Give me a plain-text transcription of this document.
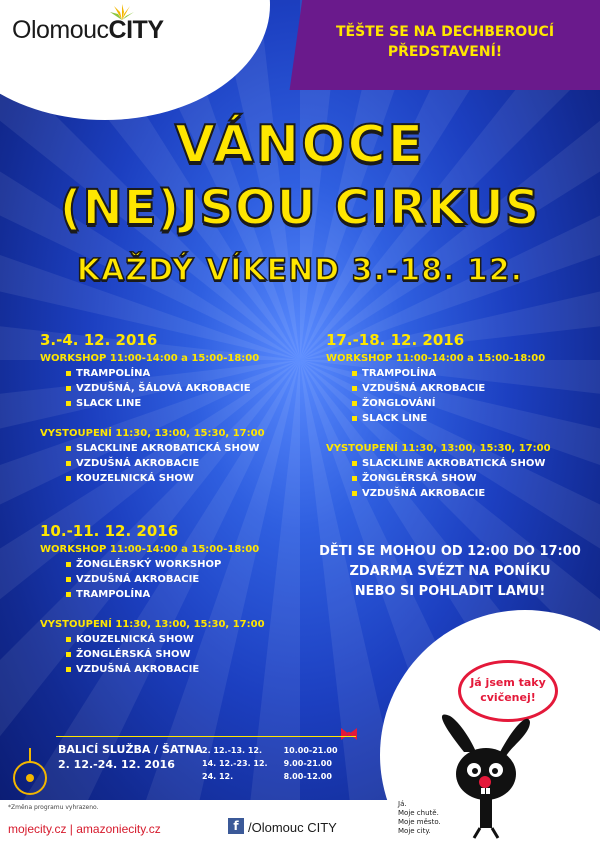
TĚŠTE SE NA DECHBEROUCÍ
PŘEDSTAVENÍ!
OlomoucCITY
VÁNOCE
(NE)JSOU CIRKUS
KAŽDÝ VÍKEND 3.-18. 12.
3.-4. 12. 2016
WORKSHOP 11:00-14:00 a 15:00-18:00
TRAMPOLÍNA
VZDUŠNÁ, ŠÁLOVÁ AKROBACIE
SLACK LINE
VYSTOUPENÍ 11:30, 13:00, 15:30, 17:00
SLACKLINE AKROBATICKÁ SHOW
VZDUŠNÁ AKROBACIE
KOUZELNICKÁ SHOW
17.-18. 12. 2016
WORKSHOP 11:00-14:00 a 15:00-18:00
TRAMPOLÍNA
VZDUŠNÁ AKROBACIE
ŽONGLOVÁNÍ
SLACK LINE
VYSTOUPENÍ 11:30, 13:00, 15:30, 17:00
SLACKLINE AKROBATICKÁ SHOW
ŽONGLÉRSKÁ SHOW
VZDUŠNÁ AKROBACIE
10.-11. 12. 2016
WORKSHOP 11:00-14:00 a 15:00-18:00
ŽONGLÉRSKÝ WORKSHOP
VZDUŠNÁ AKROBACIE
TRAMPOLÍNA
VYSTOUPENÍ 11:30, 13:00, 15:30, 17:00
KOUZELNICKÁ SHOW
ŽONGLÉRSKÁ SHOW
VZDUŠNÁ AKROBACIE
DĚTI SE MOHOU OD 12:00 DO 17:00
ZDARMA SVÉZT NA PONÍKU
NEBO SI POHLADIT LAMU!
Já jsem taky
cvičenej!
Já.
Moje chutě.
Moje město.
Moje city.
BALICÍ SLUŽBA / ŠATNA
2. 12.-24. 12. 2016
2. 12.-13. 12.	10.00-21.00
14. 12.-23. 12.	9.00-21.00
24. 12.	8.00-12.00
*Změna programu vyhrazeno.
mojecity.cz | amazoniecity.cz	f /Olomouc CITY
